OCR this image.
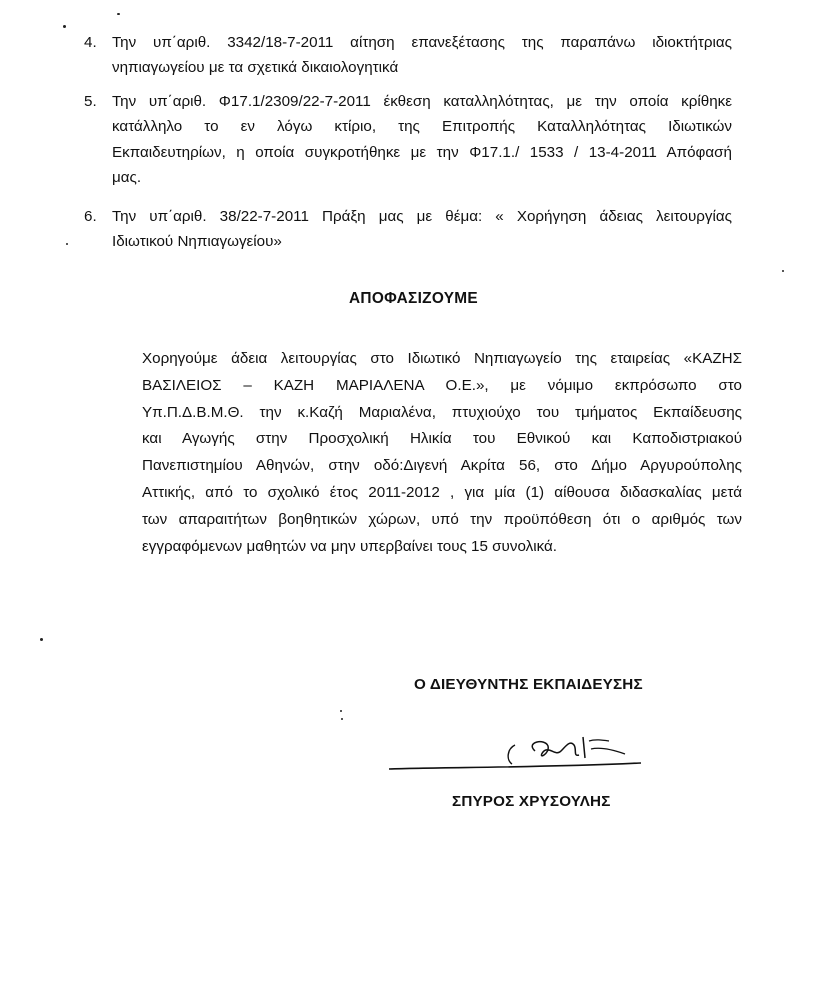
4.	Την υπ΄αριθ. 3342/18-7-2011 αίτηση επανεξέτασης της παραπάνω ιδιοκτήτριας
νηπιαγωγείου με τα σχετικά δικαιολογητικά
5.	Την υπ΄αριθ. Φ17.1/2309/22-7-2011 έκθεση καταλληλότητας, με την οποία κρίθηκε
κατάλληλο το εν λόγω κτίριο, της Επιτροπής Καταλληλότητας Ιδιωτικών
Εκπαιδευτηρίων, η οποία συγκροτήθηκε με την Φ17.1./ 1533 / 13-4-2011 Απόφασή
μας.
6.	Την υπ΄αριθ. 38/22-7-2011 Πράξη μας με θέμα: « Χορήγηση άδειας λειτουργίας
Ιδιωτικού Νηπιαγωγείου»
ΑΠΟΦΑΣΙΖΟΥΜΕ
Χορηγούμε άδεια λειτουργίας στο Ιδιωτικό Νηπιαγωγείο της εταιρείας «ΚΑΖΗΣ
ΒΑΣΙΛΕΙΟΣ – ΚΑΖΗ ΜΑΡΙΑΛΕΝΑ Ο.Ε.», με νόμιμο εκπρόσωπο στο
Υπ.Π.Δ.Β.Μ.Θ. την κ.Καζή Μαριαλένα, πτυχιούχο του τμήματος Εκπαίδευσης
και Αγωγής στην Προσχολική Ηλικία του Εθνικού και Καποδιστριακού
Πανεπιστημίου Αθηνών, στην οδό:Διγενή Ακρίτα 56, στο Δήμο Αργυρούπολης
Αττικής, από το σχολικό έτος 2011-2012 , για μία (1) αίθουσα διδασκαλίας μετά
των απαραιτήτων βοηθητικών χώρων, υπό την προϋπόθεση ότι ο αριθμός των
εγγραφόμενων μαθητών να μην υπερβαίνει τους 15 συνολικά.
Ο ΔΙΕΥΘΥΝΤΗΣ ΕΚΠΑΙΔΕΥΣΗΣ
ΣΠΥΡΟΣ ΧΡΥΣΟΥΛΗΣ
